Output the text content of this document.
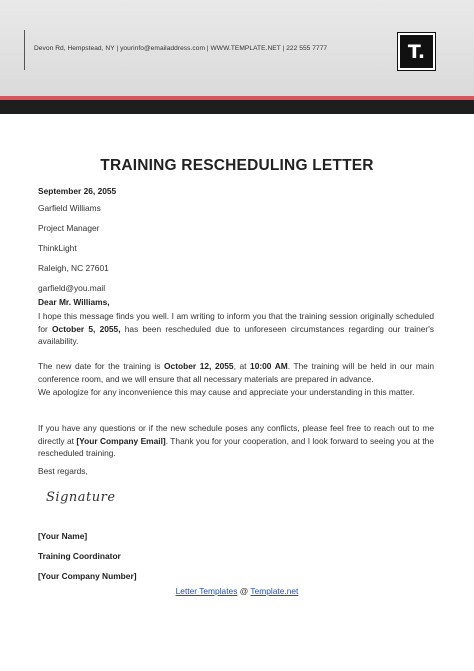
Devon Rd, Hempstead, NY | yourinfo@emailaddress.com | WWW.TEMPLATE.NET | 222 555 7777	T.
TRAINING RESCHEDULING LETTER
September 26, 2055
Garfield Williams
Project Manager
ThinkLight
Raleigh, NC 27601
garfield@you.mail
Dear Mr. Williams,
I hope this message finds you well. I am writing to inform you that the training session originally scheduled for October 5, 2055, has been rescheduled due to unforeseen circumstances regarding our trainer's availability.
The new date for the training is October 12, 2055, at 10:00 AM. The training will be held in our main conference room, and we will ensure that all necessary materials are prepared in advance.
We apologize for any inconvenience this may cause and appreciate your understanding in this matter.
If you have any questions or if the new schedule poses any conflicts, please feel free to reach out to me directly at [Your Company Email]. Thank you for your cooperation, and I look forward to seeing you at the rescheduled training.
Best regards,
Signature
[Your Name]
Training Coordinator
[Your Company Number]
Letter Templates @ Template.net
